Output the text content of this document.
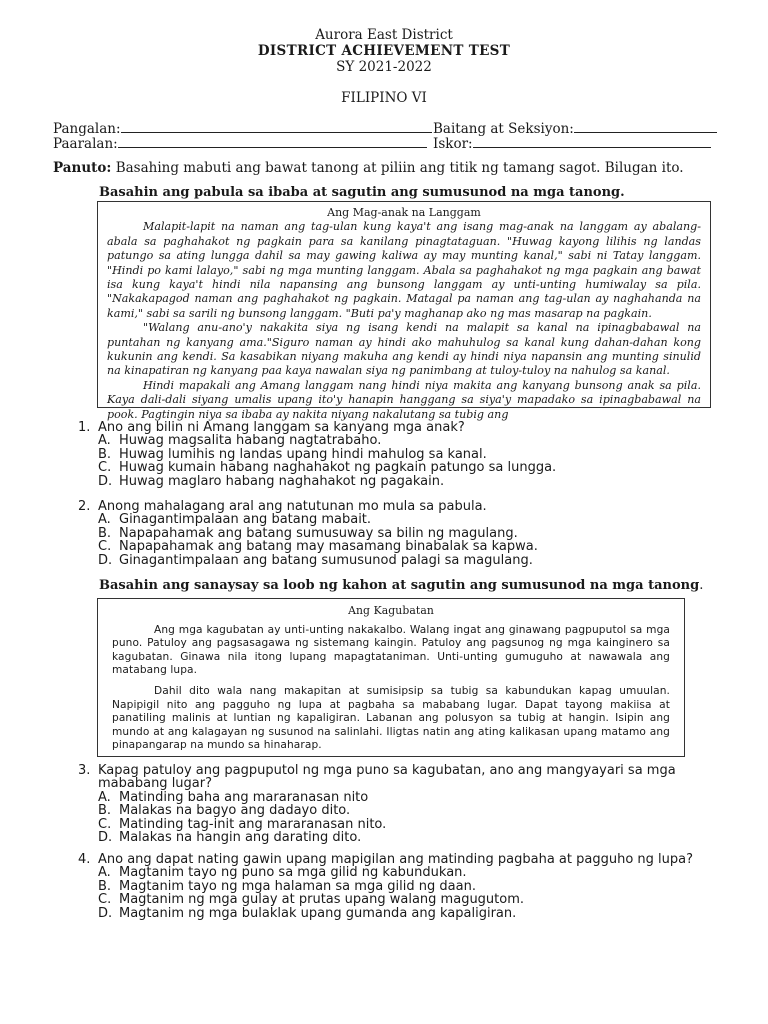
Aurora East District
DISTRICT ACHIEVEMENT TEST
SY 2021-2022
FILIPINO VI
Pangalan:	Baitang at Seksiyon:
Paaralan:	Iskor:
Panuto: Basahing mabuti ang bawat tanong at piliin ang titik ng tamang sagot. Bilugan ito.
Basahin ang pabula sa ibaba at sagutin ang sumusunod na mga tanong.
Ang Mag-anak na Langgam

Malapit-lapit na naman ang tag-ulan kung kaya't ang isang mag-anak na langgam ay abalang-abala sa paghahakot ng pagkain para sa kanilang pinagtataguan. "Huwag kayong lilihis ng landas patungo sa ating lungga dahil sa may gawing kaliwa ay may munting kanal," sabi ni Tatay langgam. "Hindi po kami lalayo," sabi ng mga munting langgam. Abala sa paghahakot ng mga pagkain ang bawat isa kung kaya't hindi nila napansing ang bunsong langgam ay unti-unting humiwalay sa pila. "Nakakapagod naman ang paghahakot ng pagkain. Matagal pa naman ang tag-ulan ay naghahanda na kami," sabi sa sarili ng bunsong langgam. "Buti pa'y maghanap ako ng mas masarap na pagkain.

"Walang anu-ano'y nakakita siya ng isang kendi na malapit sa kanal na ipinagbabawal na puntahan ng kanyang ama."Siguro naman ay hindi ako mahuhulog sa kanal kung dahan-dahan kong kukunin ang kendi. Sa kasabikan niyang makuha ang kendi ay hindi niya napansin ang munting sinulid na kinapatiran ng kanyang paa kaya nawalan siya ng panimbang at tuloy-tuloy na nahulog sa kanal.

Hindi mapakali ang Amang langgam nang hindi niya makita ang kanyang bunsong anak sa pila. Kaya dali-dali siyang umalis upang ito'y hanapin hanggang sa siya'y mapadako sa ipinagbabawal na pook. Pagtingin niya sa ibaba ay nakita niyang nakalutang sa tubig ang

1. Ano ang bilin ni Amang langgam sa kanyang mga anak?
A. Huwag magsalita habang nagtatrabaho.
B. Huwag lumihis ng landas upang hindi mahulog sa kanal.
C. Huwag kumain habang naghahakot ng pagkain patungo sa lungga.
D. Huwag maglaro habang naghahakot ng pagakain.
2. Anong mahalagang aral ang natutunan mo mula sa pabula.
A. Ginagantimpalaan ang batang mabait.
B. Napapahamak ang batang sumusuway sa bilin ng magulang.
C. Napapahamak ang batang may masamang binabalak sa kapwa.
D. Ginagantimpalaan ang batang sumusunod palagi sa magulang.
Basahin ang sanaysay sa loob ng kahon at sagutin ang sumusunod na mga tanong.
Ang Kagubatan

Ang mga kagubatan ay unti-unting nakakalbo. Walang ingat ang ginawang pagpuputol sa mga puno. Patuloy ang pagsasagawa ng sistemang kaingin. Patuloy ang pagsunog ng mga kainginero sa kagubatan. Ginawa nila itong lupang mapagtataniman. Unti-unting gumuguho at nawawala ang matabang lupa.

Dahil dito wala nang makapitan at sumisipsip sa tubig sa kabundukan kapag umuulan. Napipigil nito ang pagguho ng lupa at pagbaha sa mababang lugar. Dapat tayong makiisa at panatiling malinis at luntian ng kapaligiran. Labanan ang polusyon sa tubig at hangin. Isipin ang mundo at ang kalagayan ng susunod na salinlahi. Iligtas natin ang ating kalikasan upang matamo ang pinapangarap na mundo sa hinaharap.

3. Kapag patuloy ang pagpuputol ng mga puno sa kagubatan, ano ang mangyayari sa mga mababang lugar?
A. Matinding baha ang mararanasan nito
B. Malakas na bagyo ang dadayo dito.
C. Matinding tag-init ang mararanasan nito.
D. Malakas na hangin ang darating dito.
4. Ano ang dapat nating gawin upang mapigilan ang matinding pagbaha at pagguho ng lupa?
A. Magtanim tayo ng puno sa mga gilid ng kabundukan.
B. Magtanim tayo ng mga halaman sa mga gilid ng daan.
C. Magtanim ng mga gulay at prutas upang walang magugutom.
D. Magtanim ng mga bulaklak upang gumanda ang kapaligiran.
